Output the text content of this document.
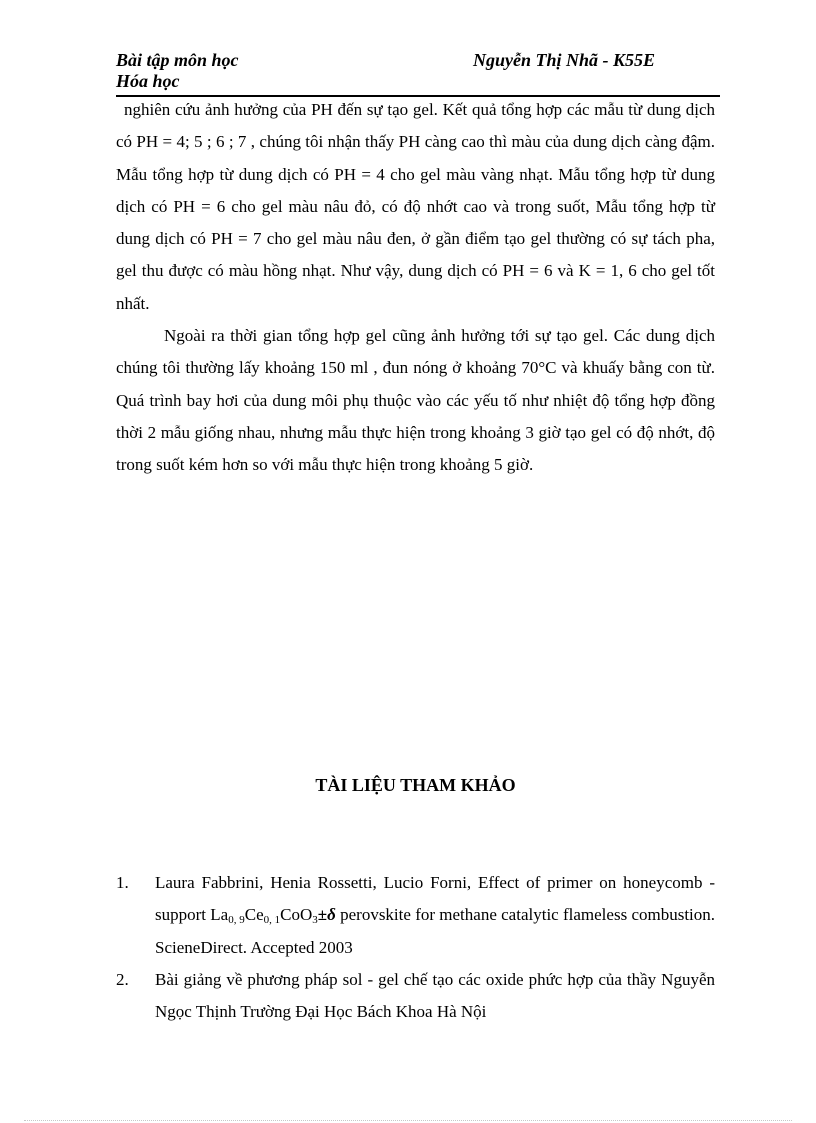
Bài tập môn học
Hóa học
Nguyễn Thị Nhã - K55E

nghiên cứu ảnh hưởng của PH đến sự tạo gel. Kết quả tổng hợp các mẫu từ dung dịch có PH = 4; 5 ; 6 ; 7 , chúng tôi nhận thấy PH càng cao thì màu của dung dịch càng đậm. Mẫu tổng hợp từ dung dịch có PH = 4 cho gel màu vàng nhạt. Mẫu tổng hợp từ dung dịch có PH = 6 cho gel màu nâu đỏ, có độ nhớt cao và trong suốt, Mẫu tổng hợp từ dung dịch có PH = 7 cho gel màu nâu đen, ở gần điểm tạo gel thường có sự tách pha, gel thu được có màu hồng nhạt. Như vậy, dung dịch có PH = 6 và K = 1, 6 cho gel tốt nhất.

Ngoài ra thời gian tổng hợp gel cũng ảnh hưởng tới sự tạo gel. Các dung dịch chúng tôi thường lấy khoảng 150 ml , đun nóng ở khoảng 70°C và khuấy bằng con từ. Quá trình bay hơi của dung môi phụ thuộc vào các yếu tố như nhiệt độ tổng hợp đồng thời 2 mẫu giống nhau, nhưng mẫu thực hiện trong khoảng 3 giờ tạo gel có độ nhớt, độ trong suốt kém hơn so với mẫu thực hiện trong khoảng 5 giờ.

TÀI LIỆU THAM KHẢO
1. Laura Fabbrini, Henia Rossetti, Lucio Forni, Effect of primer on honeycomb - support $La_{0, 9}Ce_{0, 1}CoO_3\pm\delta$ perovskite for methane catalytic flameless combustion. ScieneDirect. Accepted 2003
2. Bài giảng về phương pháp sol - gel chế tạo các oxide phức hợp của thầy Nguyễn Ngọc Thịnh Trường Đại Học Bách Khoa Hà Nội
